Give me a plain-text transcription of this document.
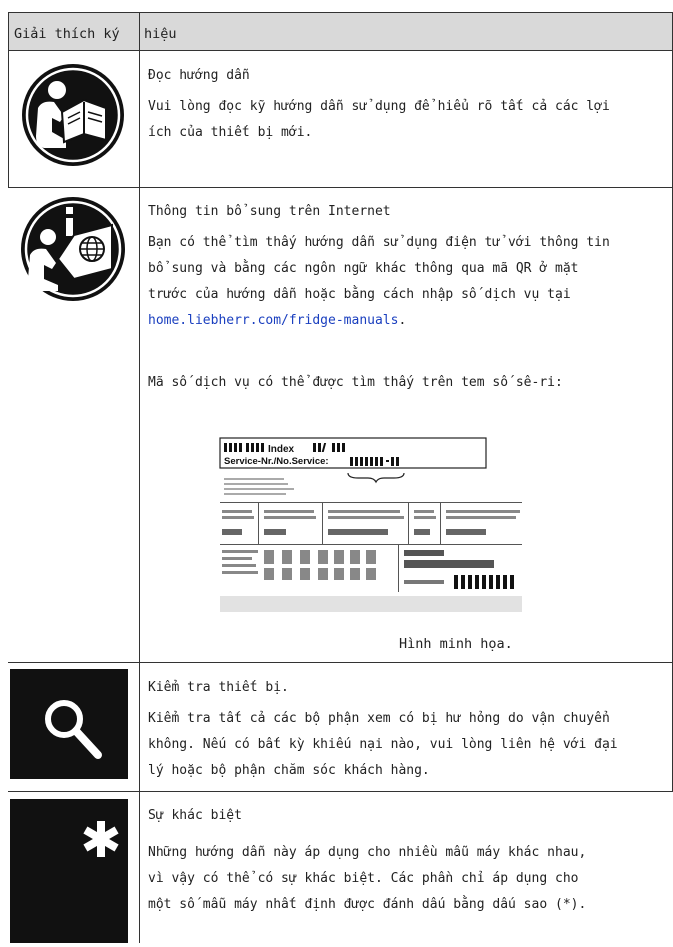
Giải thích ký hiệu
Đọc hướng dẫn

Vui lòng đọc kỹ hướng dẫn sử dụng để hiểu rõ tất cả các lợi

ích của thiết bị mới.

Thông tin bổ sung trên Internet

Bạn có thể tìm thấy hướng dẫn sử dụng điện tử với thông tin

bổ sung và bằng các ngôn ngữ khác thông qua mã QR ở mặt

trước của hướng dẫn hoặc bằng cách nhập số dịch vụ tại

home.liebherr.com/fridge-manuals.

Mã số dịch vụ có thể được tìm thấy trên tem số sê-ri:
Index
Service-Nr./No.Service:
Hình minh họa.
Kiểm tra thiết bị.

Kiểm tra tất cả các bộ phận xem có bị hư hỏng do vận chuyển

không. Nếu có bất kỳ khiếu nại nào, vui lòng liên hệ với đại

lý hoặc bộ phận chăm sóc khách hàng.

Sự khác biệt

Những hướng dẫn này áp dụng cho nhiều mẫu máy khác nhau,

vì vậy có thể có sự khác biệt. Các phần chỉ áp dụng cho

một số mẫu máy nhất định được đánh dấu bằng dấu sao (*).
